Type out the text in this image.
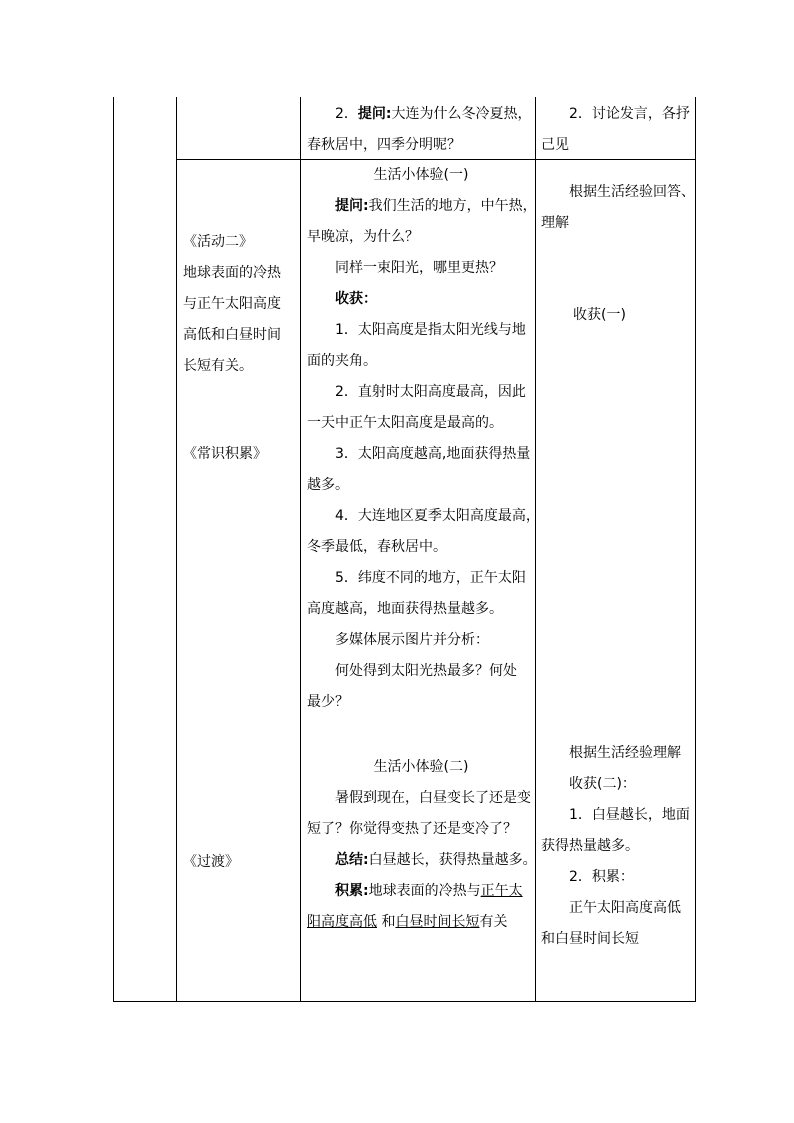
2．提问:大连为什么冬冷夏热，
春秋居中，四季分明呢？
2．讨论发言，各抒
己见
《活动二》
地球表面的冷热
与正午太阳高度
高低和白昼时间
长短有关。
《常识积累》
《过渡》
生活小体验(一)
提问:我们生活的地方，中午热，
早晚凉，为什么？
同样一束阳光，哪里更热？
收获：
1．太阳高度是指太阳光线与地
面的夹角。
2．直射时太阳高度最高，因此
一天中正午太阳高度是最高的。
3．太阳高度越高,地面获得热量
越多。
4．大连地区夏季太阳高度最高，
冬季最低，春秋居中。
5．纬度不同的地方，正午太阳
高度越高，地面获得热量越多。
多媒体展示图片并分析：
何处得到太阳光热最多？何处
最少？
生活小体验(二)
暑假到现在，白昼变长了还是变
短了？你觉得变热了还是变冷了？
总结:白昼越长，获得热量越多。
积累:地球表面的冷热与正午太
阳高度高低 和白昼时间长短有关
根据生活经验回答、
理解
收获(一)
根据生活经验理解
收获(二)：
1．白昼越长，地面
获得热量越多。
2．积累：
正午太阳高度高低
和白昼时间长短
